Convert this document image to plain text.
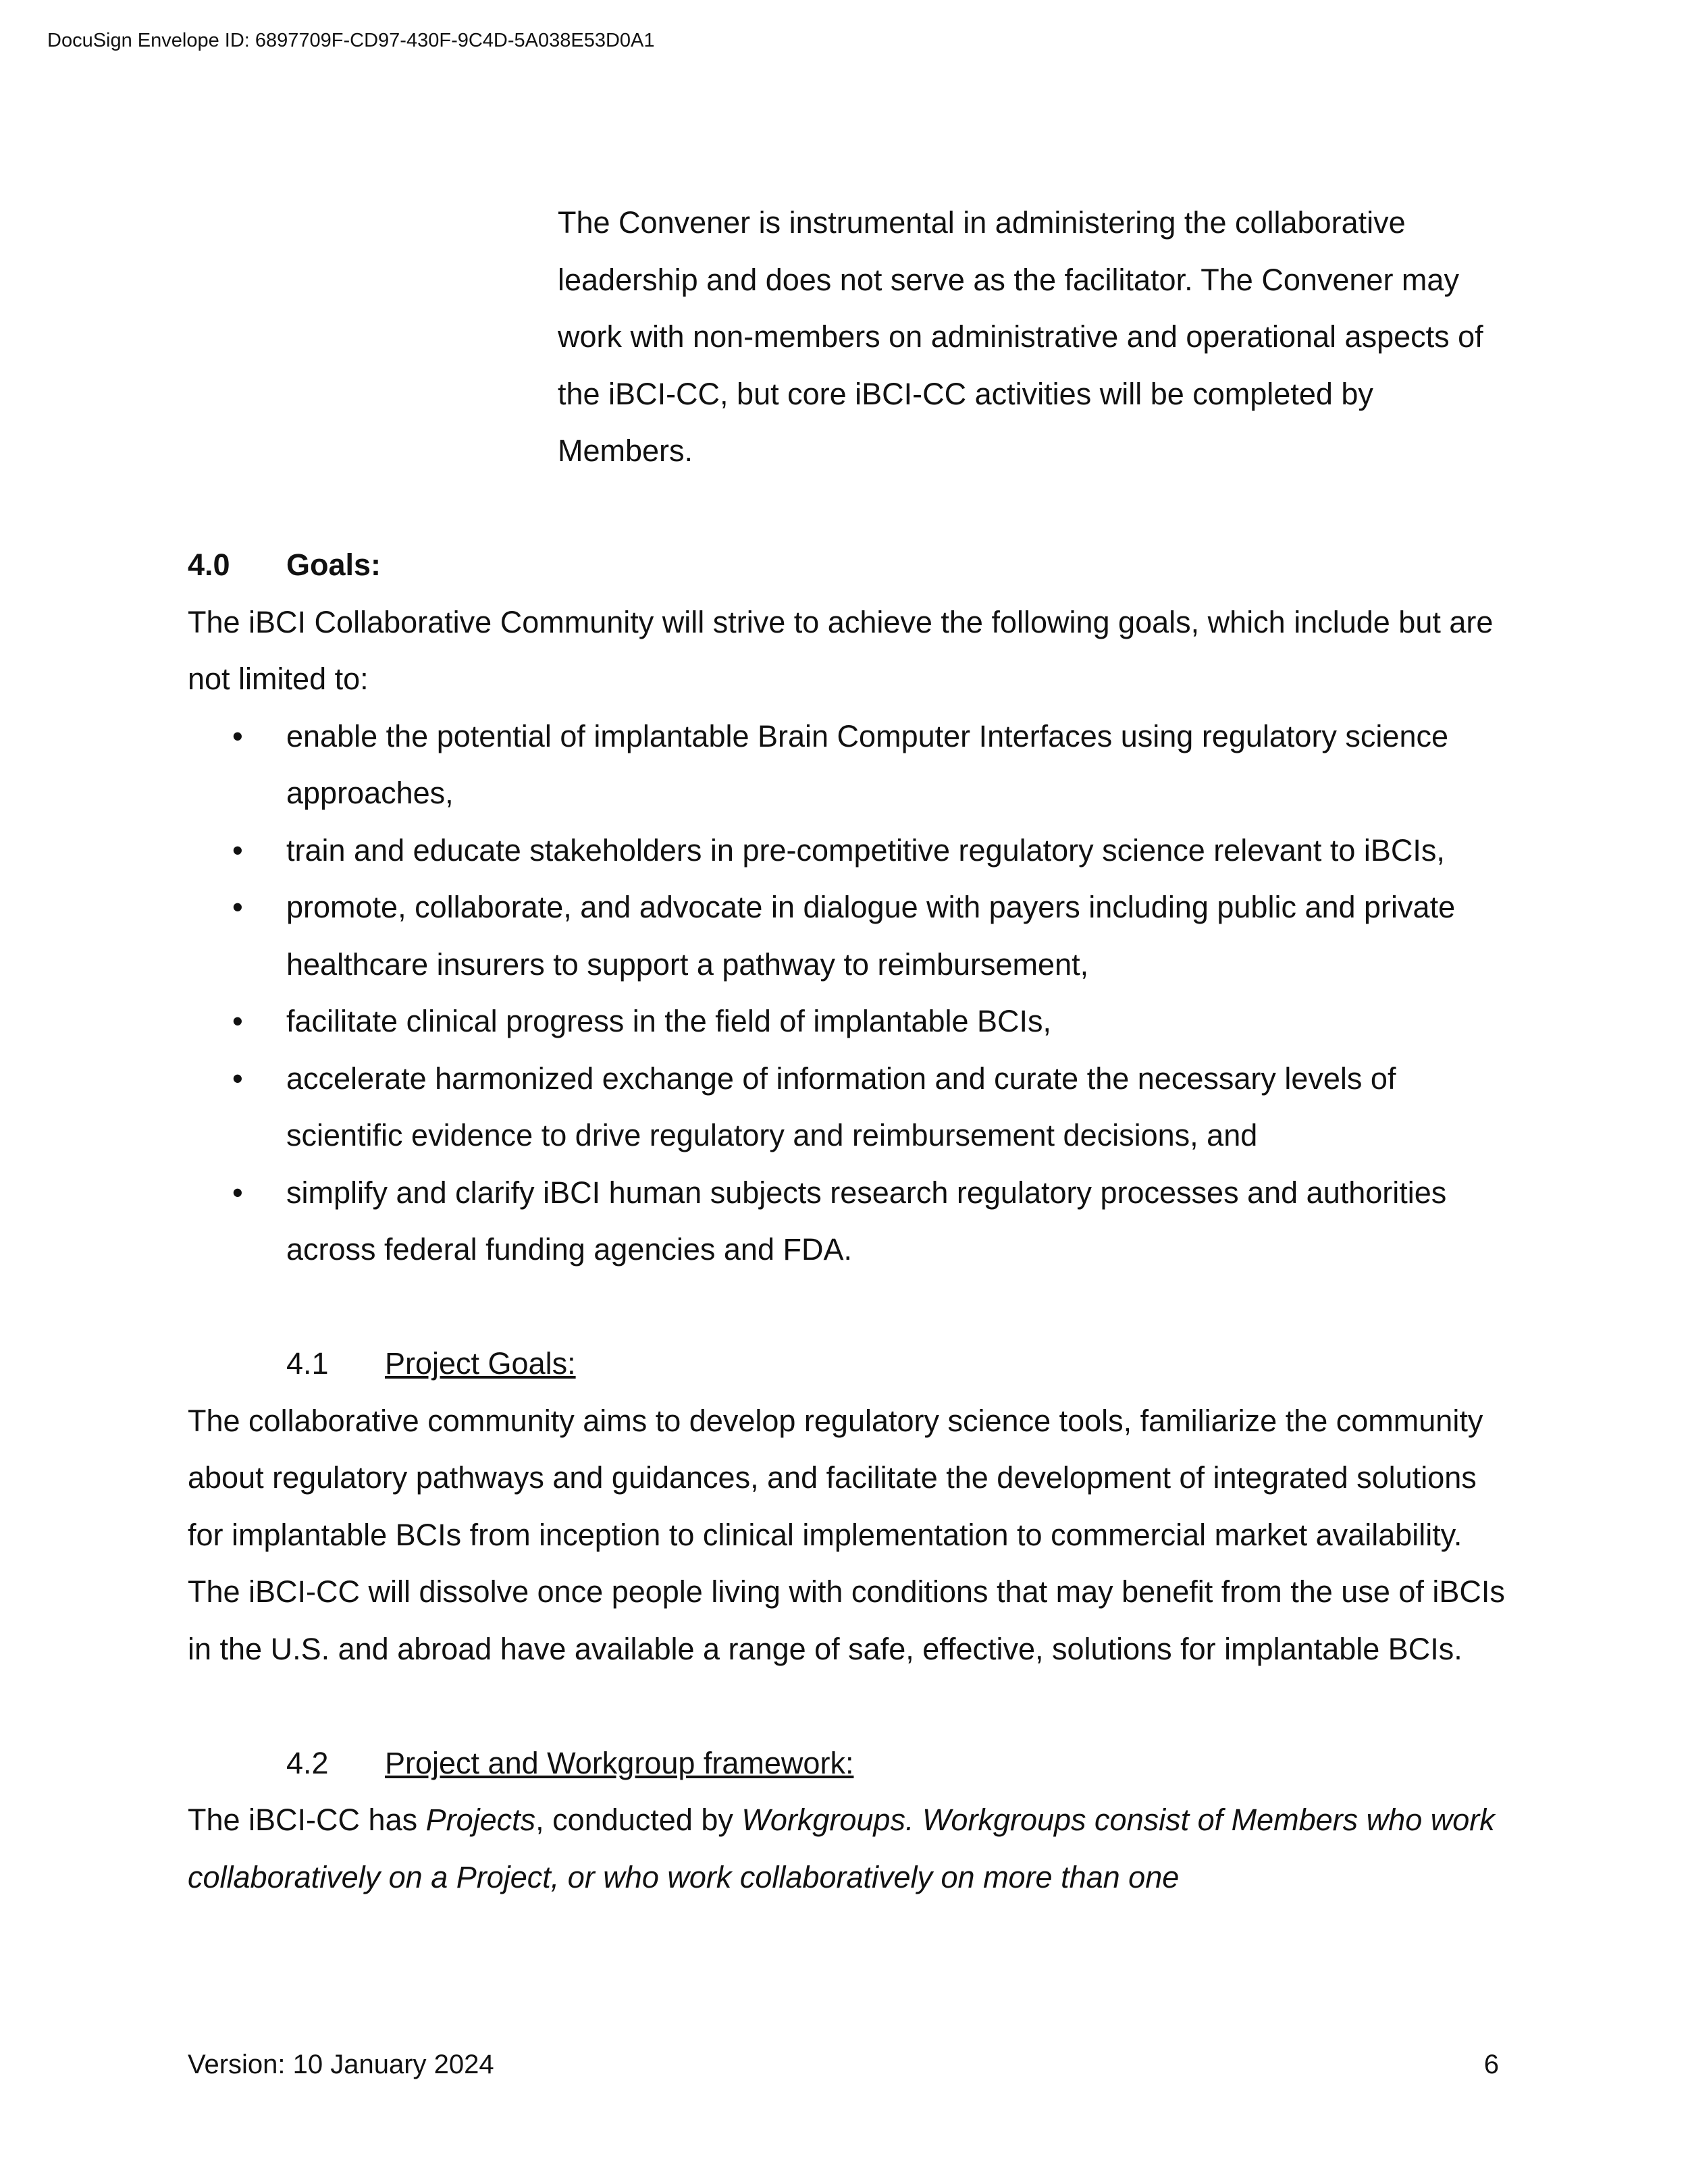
DocuSign Envelope ID: 6897709F-CD97-430F-9C4D-5A038E53D0A1

The Convener is instrumental in administering the collaborative leadership and does not serve as the facilitator. The Convener may work with non-members on administrative and operational aspects of the iBCI-CC, but core iBCI-CC activities will be completed by Members.

4.0	Goals:

The iBCI Collaborative Community will strive to achieve the following goals, which include but are not limited to:

• enable the potential of implantable Brain Computer Interfaces using regulatory science approaches,
• train and educate stakeholders in pre-competitive regulatory science relevant to iBCIs,
• promote, collaborate, and advocate in dialogue with payers including public and private healthcare insurers to support a pathway to reimbursement,
• facilitate clinical progress in the field of implantable BCIs,
• accelerate harmonized exchange of information and curate the necessary levels of scientific evidence to drive regulatory and reimbursement decisions, and
• simplify and clarify iBCI human subjects research regulatory processes and authorities across federal funding agencies and FDA.
4.1	Project Goals:

The collaborative community aims to develop regulatory science tools, familiarize the community about regulatory pathways and guidances, and facilitate the development of integrated solutions for implantable BCIs from inception to clinical implementation to commercial market availability. The iBCI-CC will dissolve once people living with conditions that may benefit from the use of iBCIs in the U.S. and abroad have available a range of safe, effective, solutions for implantable BCIs.

4.2	Project and Workgroup framework:

The iBCI-CC has Projects, conducted by Workgroups. Workgroups consist of Members who work collaboratively on a Project, or who work collaboratively on more than one

Version: 10 January 2024	6
